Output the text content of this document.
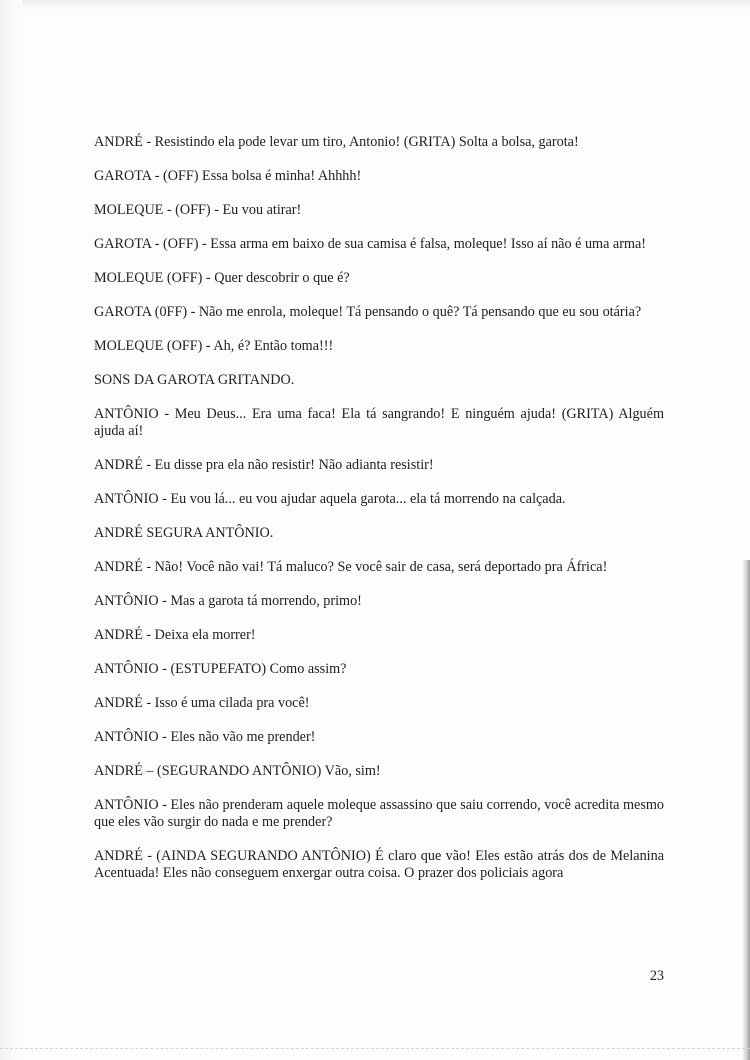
ANDRÉ - Resistindo ela pode levar um tiro, Antonio! (GRITA) Solta a bolsa, garota!

GAROTA - (OFF) Essa bolsa é minha! Ahhhh!

MOLEQUE - (OFF) - Eu vou atirar!

GAROTA - (OFF) - Essa arma em baixo de sua camisa é falsa, moleque! Isso aí não é uma arma!

MOLEQUE (OFF) - Quer descobrir o que é?

GAROTA (0FF) - Não me enrola, moleque! Tá pensando o quê? Tá pensando que eu sou otária?

MOLEQUE (OFF) - Ah, é? Então toma!!!

SONS DA GAROTA GRITANDO.

ANTÔNIO - Meu Deus... Era uma faca! Ela tá sangrando! E ninguém ajuda! (GRITA) Alguém ajuda aí!

ANDRÉ - Eu disse pra ela não resistir! Não adianta resistir!

ANTÔNIO - Eu vou lá... eu vou ajudar aquela garota... ela tá morrendo na calçada.

ANDRÉ SEGURA ANTÔNIO.

ANDRÉ - Não! Você não vai! Tá maluco? Se você sair de casa, será deportado pra África!

ANTÔNIO - Mas a garota tá morrendo, primo!

ANDRÉ - Deixa ela morrer!

ANTÔNIO - (ESTUPEFATO) Como assim?

ANDRÉ - Isso é uma cilada pra você!

ANTÔNIO - Eles não vão me prender!

ANDRÉ – (SEGURANDO ANTÔNIO) Vão, sim!

ANTÔNIO - Eles não prenderam aquele moleque assassino que saiu correndo, você acredita mesmo que eles vão surgir do nada e me prender?

ANDRÉ - (AINDA SEGURANDO ANTÔNIO) É claro que vão! Eles estão atrás dos de Melanina Acentuada! Eles não conseguem enxergar outra coisa. O prazer dos policiais agora

23
